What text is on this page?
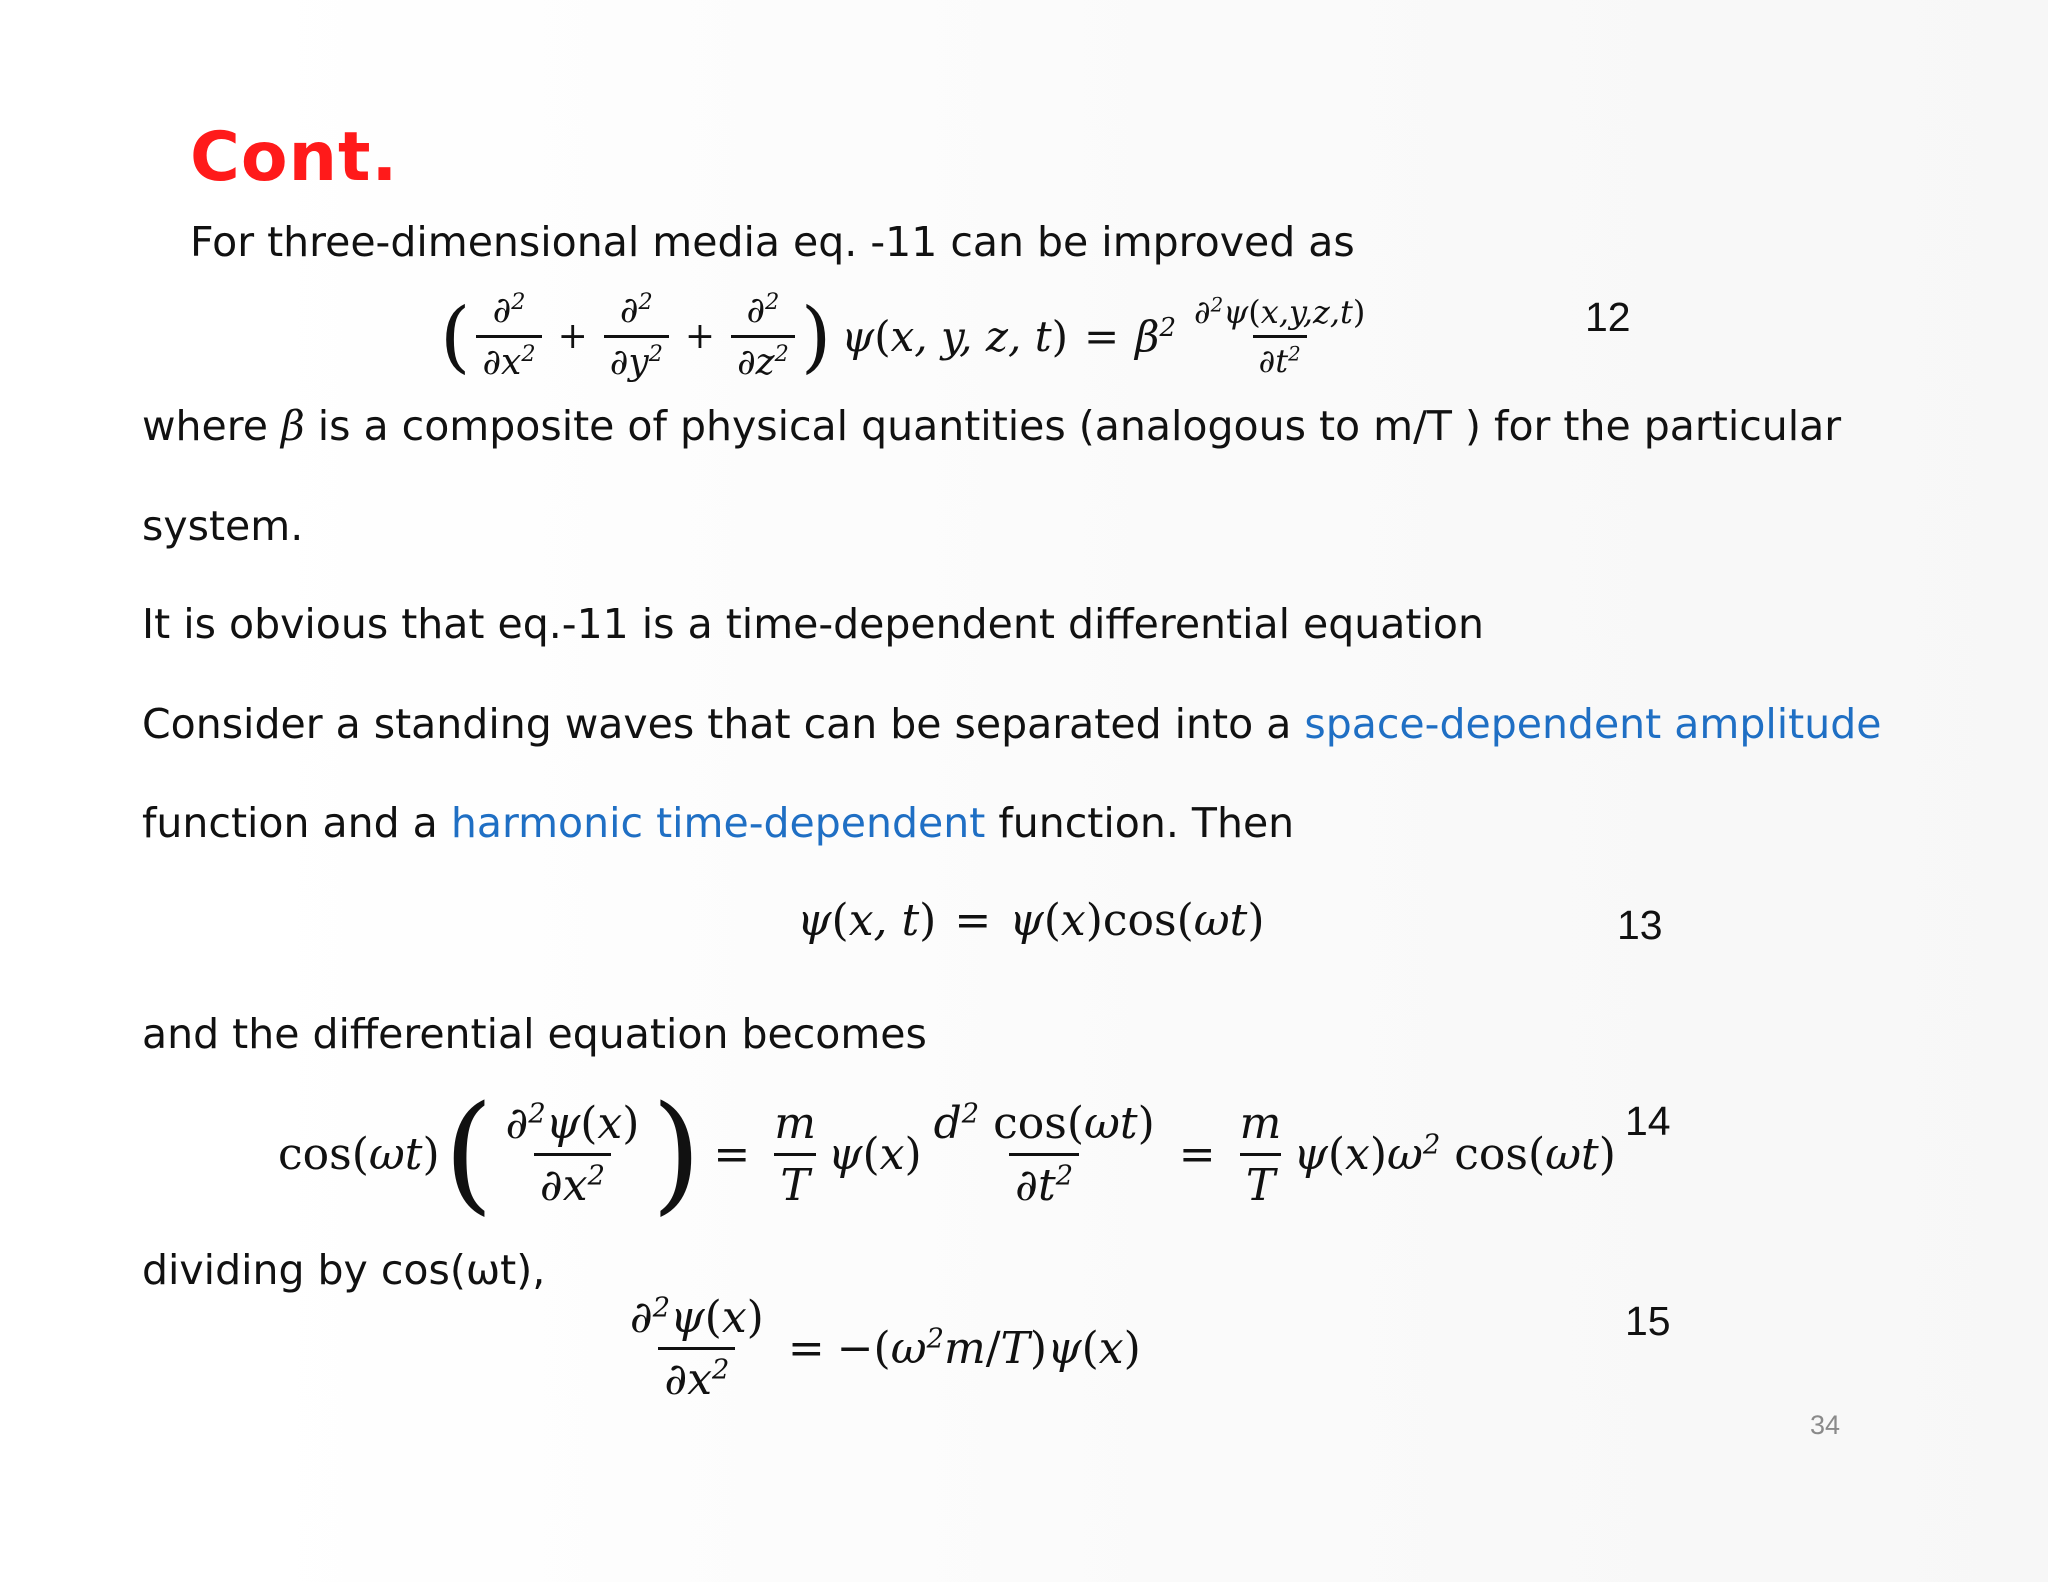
Cont.
For three-dimensional media eq. -11 can be improved as
( $\frac{\partial^2}{\partial x^2} + \frac{\partial^2}{\partial y^2} + \frac{\partial^2}{\partial z^2}$ ) ψ(x, y, z, $t) = \beta^2 \frac{\partial^2\psi(x,y,z,t)}{\partial t^2}$	12
where β is a composite of physical quantities (analogous to m/T ) for the particular
system.
It is obvious that eq.-11 is a time-dependent differential equation
Consider a standing waves that can be separated into a space-dependent amplitude
function and a harmonic time-dependent function. Then
ψ(x, t) = ψ(x)cos(ωt)	13
and the differential equation becomes
cos(ωt) ( $\frac{\partial^2\psi(x)}{\partial x^2}$ ) = $\frac{m}{T} \psi(x) \frac{d^2 \cos(\omega t)}{\partial t^2} = \frac{m}{T} \psi(x)\omega^2$ cos(ωt)
14
dividing by cos(ωt),
$\frac{\partial^2\psi(x)}{\partial x^2} = -(\omega^2m/T)\psi(x)$
15
34
